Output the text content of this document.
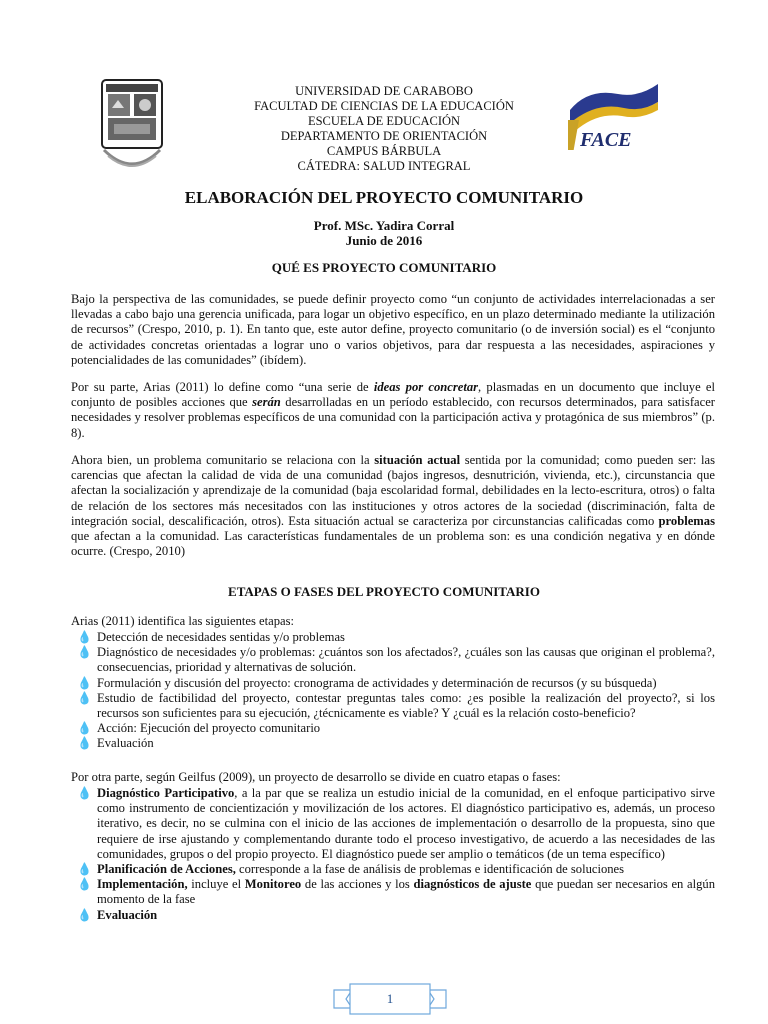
FACE
UNIVERSIDAD DE CARABOBO
FACULTAD DE CIENCIAS DE LA EDUCACIÓN
ESCUELA DE EDUCACIÓN
DEPARTAMENTO DE ORIENTACIÓN
CAMPUS BÁRBULA
CÁTEDRA: SALUD INTEGRAL
ELABORACIÓN DEL PROYECTO COMUNITARIO
Prof. MSc. Yadira Corral
Junio de 2016
QUÉ ES PROYECTO COMUNITARIO
Bajo la perspectiva de las comunidades, se puede definir proyecto como “un conjunto de actividades interrelacionadas a ser llevadas a cabo bajo una gerencia unificada, para logar un objetivo específico, en un plazo determinado mediante la utilización de recursos” (Crespo, 2010, p. 1). En tanto que, este autor define, proyecto comunitario (o de inversión social) es el “conjunto de actividades concretas orientadas a lograr uno o varios objetivos, para dar respuesta a las necesidades, aspiraciones y potencialidades de las comunidades” (ibídem).
Por su parte, Arias (2011) lo define como “una serie de ideas por concretar, plasmadas en un documento que incluye el conjunto de posibles acciones que serán desarrolladas en un período establecido, con recursos determinados, para satisfacer necesidades y resolver problemas específicos de una comunidad con la participación activa y protagónica de sus miembros” (p. 8).
Ahora bien, un problema comunitario se relaciona con la situación actual sentida por la comunidad; como pueden ser: las carencias que afectan la calidad de vida de una comunidad (bajos ingresos, desnutrición, vivienda, etc.), circunstancia que afectan la socialización y aprendizaje de la comunidad (baja escolaridad formal, debilidades en la lecto-escritura, otros) o falta de relación de los sectores más necesitados con las instituciones y otros actores de la sociedad (discriminación, falta de integración social, descalificación, otros). Esta situación actual se caracteriza por circunstancias calificadas como problemas que afectan a la comunidad. Las características fundamentales de un problema son: es una condición negativa y en dónde ocurre. (Crespo, 2010)
ETAPAS O FASES DEL PROYECTO COMUNITARIO
Arias (2011) identifica las siguientes etapas:
💧 Detección de necesidades sentidas y/o problemas
💧 Diagnóstico de necesidades y/o problemas: ¿cuántos son los afectados?, ¿cuáles son las causas que originan el problema?, consecuencias, prioridad y alternativas de solución.
💧 Formulación y discusión del proyecto: cronograma de actividades y determinación de recursos (y su búsqueda)
💧 Estudio de factibilidad del proyecto, contestar preguntas tales como: ¿es posible la realización del proyecto?, si los recursos son suficientes para su ejecución, ¿técnicamente es viable? Y ¿cuál es la relación costo-beneficio?
💧 Acción: Ejecución del proyecto comunitario
💧 Evaluación
Por otra parte, según Geilfus (2009), un proyecto de desarrollo se divide en cuatro etapas o fases:
💧 Diagnóstico Participativo, a la par que se realiza un estudio inicial de la comunidad, en el enfoque participativo sirve como instrumento de concientización y movilización de los actores. El diagnóstico participativo es, además, un proceso iterativo, es decir, no se culmina con el inicio de las acciones de implementación o desarrollo de la propuesta, sino que requiere de irse ajustando y complementando durante todo el proceso investigativo, de acuerdo a las necesidades de las comunidades, grupos o del propio proyecto. El diagnóstico puede ser amplio o temáticos (de un tema específico)
💧 Planificación de Acciones, corresponde a la fase de análisis de problemas e identificación de soluciones
💧 Implementación, incluye el Monitoreo de las acciones y los diagnósticos de ajuste que puedan ser necesarios en algún momento de la fase
💧 Evaluación
1
